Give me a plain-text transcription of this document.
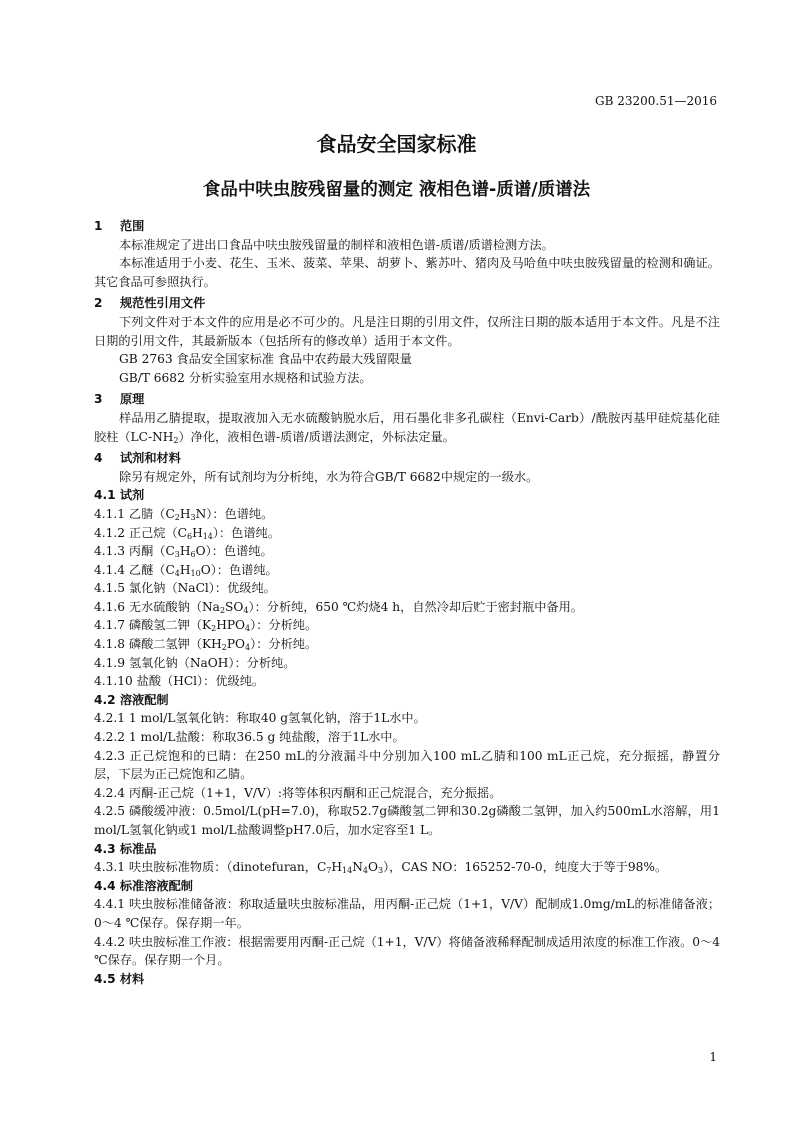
GB 23200.51—2016
食品安全国家标准
食品中呋虫胺残留量的测定 液相色谱-质谱/质谱法
1 范围
本标准规定了进出口食品中呋虫胺残留量的制样和液相色谱-质谱/质谱检测方法。
本标准适用于小麦、花生、玉米、菠菜、苹果、胡萝卜、紫苏叶、猪肉及马哈鱼中呋虫胺残留量的检测和确证。其它食品可参照执行。
2 规范性引用文件
下列文件对于本文件的应用是必不可少的。凡是注日期的引用文件，仅所注日期的版本适用于本文件。凡是不注日期的引用文件，其最新版本（包括所有的修改单）适用于本文件。
GB 2763 食品安全国家标准 食品中农药最大残留限量
GB/T 6682 分析实验室用水规格和试验方法。
3 原理
样品用乙腈提取，提取液加入无水硫酸钠脱水后，用石墨化非多孔碳柱（Envi-Carb）/酰胺丙基甲硅烷基化硅胶柱$(LC-NH_2)$净化，液相色谱-质谱/质谱法测定，外标法定量。
4 试剂和材料
除另有规定外，所有试剂均为分析纯，水为符合GB/T 6682中规定的一级水。
4.1 试剂
4.1.1 乙腈$(C_2H_3N)$：色谱纯。
4.1.2 正己烷$(C_6H_{14})$：色谱纯。
4.1.3 丙酮$(C_3H_6O)$：色谱纯。
4.1.4 乙醚$(C_4H_{10}O)$：色谱纯。
4.1.5 氯化钠（NaCl）：优级纯。
4.1.6 无水硫酸钠$(Na_2SO_4)$：分析纯，650 ℃灼烧4 h，自然冷却后贮于密封瓶中备用。
4.1.7 磷酸氢二钾$(K_2HPO_4)$：分析纯。
4.1.8 磷酸二氢钾$(KH_2PO_4)$：分析纯。
4.1.9 氢氧化钠（NaOH）：分析纯。
4.1.10 盐酸（HCl）：优级纯。
4.2 溶液配制
4.2.1 1 mol/L氢氧化钠：称取40 g氢氧化钠，溶于1L水中。
4.2.2 1 mol/L盐酸：称取36.5 g 纯盐酸，溶于1L水中。
4.2.3 正己烷饱和的已睛：在250 mL的分液漏斗中分别加入100 mL乙腈和100 mL正己烷，充分振摇，静置分层，下层为正己烷饱和乙腈。
4.2.4 丙酮-正己烷（1+1，V/V）:将等体积丙酮和正己烷混合，充分振摇。
4.2.5 磷酸缓冲液：0.5mol/L(pH=7.0)，称取52.7g磷酸氢二钾和30.2g磷酸二氢钾，加入约500mL水溶解，用1 mol/L氢氧化钠或1 mol/L盐酸调整pH7.0后，加水定容至1 L。
4.3 标准品
4.3.1 呋虫胺标准物质：（dinotefuran，$C_7H_{14}N_4O_3$），CAS NO：165252-70-0，纯度大于等于98%。
4.4 标准溶液配制
4.4.1 呋虫胺标准储备液：称取适量呋虫胺标准品，用丙酮-正己烷（1+1，V/V）配制成1.0mg/mL的标准储备液；0～4 ℃保存。保存期一年。
4.4.2 呋虫胺标准工作液：根据需要用丙酮-正己烷（1+1，V/V）将储备液稀释配制成适用浓度的标准工作液。0～4 ℃保存。保存期一个月。
4.5 材料
1
